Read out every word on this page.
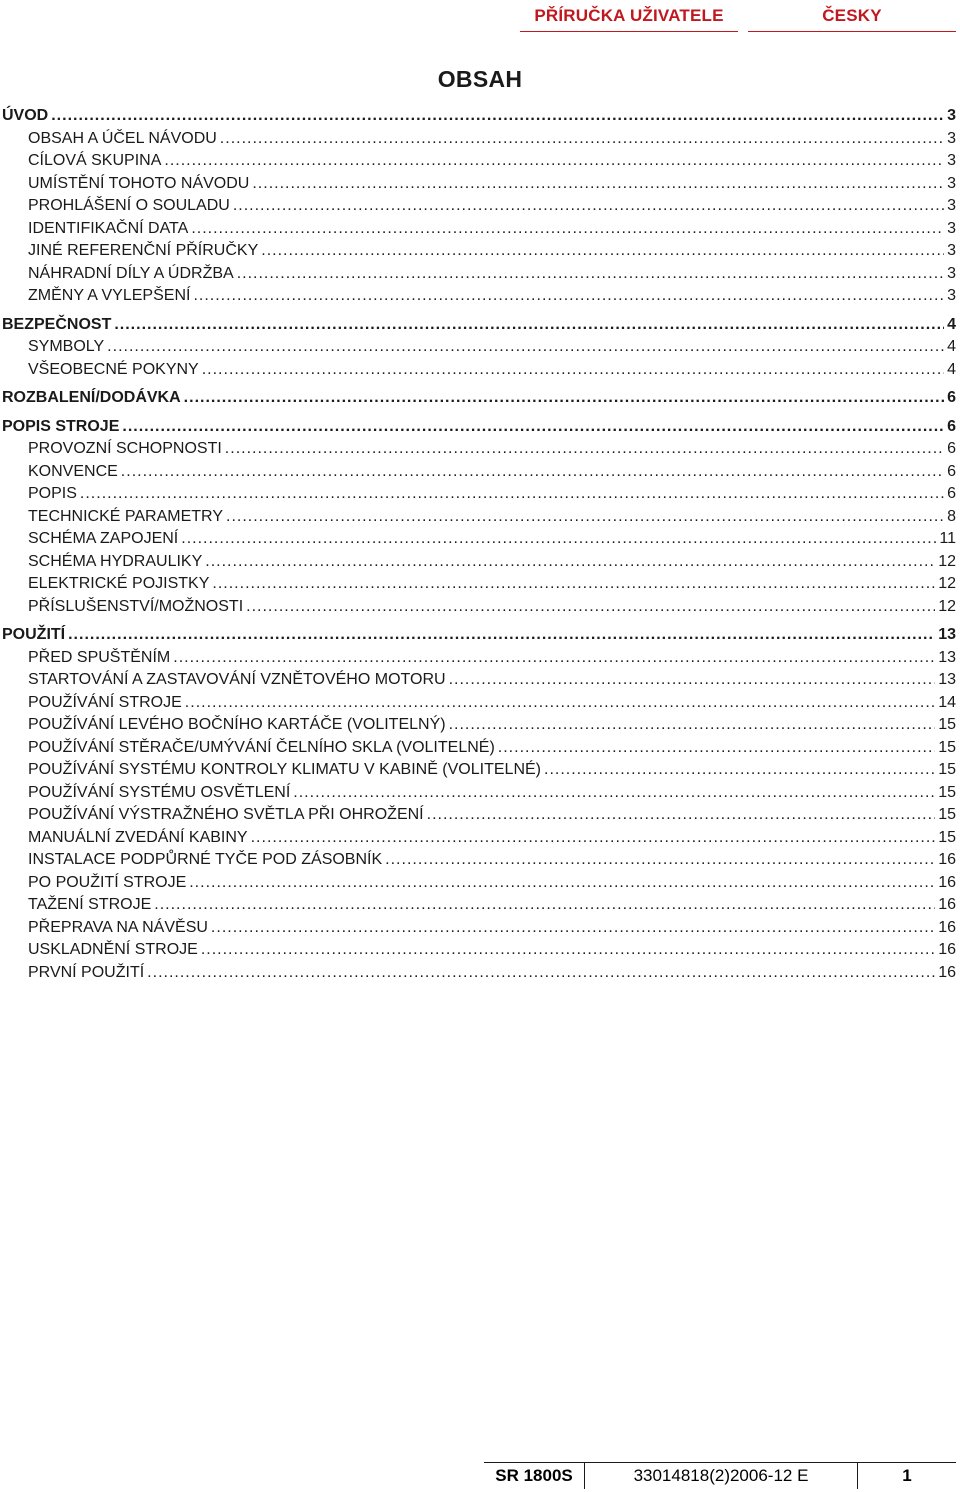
PŘÍRUČKA UŽIVATELE	ČESKY
OBSAH
ÚVOD .....	3
OBSAH A ÚČEL NÁVODU .....	3
CÍLOVÁ SKUPINA .....	3
UMÍSTĚNÍ TOHOTO NÁVODU .....	3
PROHLÁŠENÍ O SOULADU .....	3
IDENTIFIKAČNÍ DATA .....	3
JINÉ REFERENČNÍ PŘÍRUČKY .....	3
NÁHRADNÍ DÍLY A ÚDRŽBA .....	3
ZMĚNY A VYLEPŠENÍ .....	3
BEZPEČNOST .....	4
SYMBOLY .....	4
VŠEOBECNÉ POKYNY .....	4
ROZBALENÍ/DODÁVKA .....	6
POPIS STROJE .....	6
PROVOZNÍ SCHOPNOSTI .....	6
KONVENCE .....	6
POPIS .....	6
TECHNICKÉ PARAMETRY .....	8
SCHÉMA ZAPOJENÍ .....	11
SCHÉMA HYDRAULIKY .....	12
ELEKTRICKÉ POJISTKY .....	12
PŘÍSLUŠENSTVÍ/MOŽNOSTI .....	12
POUŽITÍ .....	13
PŘED SPUŠTĚNÍM .....	13
STARTOVÁNÍ A ZASTAVOVÁNÍ VZNĚTOVÉHO MOTORU .....	13
POUŽÍVÁNÍ STROJE .....	14
POUŽÍVÁNÍ LEVÉHO BOČNÍHO KARTÁČE (VOLITELNÝ) .....	15
POUŽÍVÁNÍ STĚRAČE/UMÝVÁNÍ ČELNÍHO SKLA (VOLITELNÉ) .....	15
POUŽÍVÁNÍ SYSTÉMU KONTROLY KLIMATU V KABINĚ (VOLITELNÉ) .....	15
POUŽÍVÁNÍ SYSTÉMU OSVĚTLENÍ .....	15
POUŽÍVÁNÍ VÝSTRAŽNÉHO SVĚTLA PŘI OHROŽENÍ .....	15
MANUÁLNÍ ZVEDÁNÍ KABINY .....	15
INSTALACE PODPŮRNÉ TYČE POD ZÁSOBNÍK .....	16
PO POUŽITÍ STROJE .....	16
TAŽENÍ STROJE .....	16
PŘEPRAVA NA NÁVĚSU .....	16
USKLADNĚNÍ STROJE .....	16
PRVNÍ POUŽITÍ .....	16
SR 1800S	33014818(2)2006-12 E	1
